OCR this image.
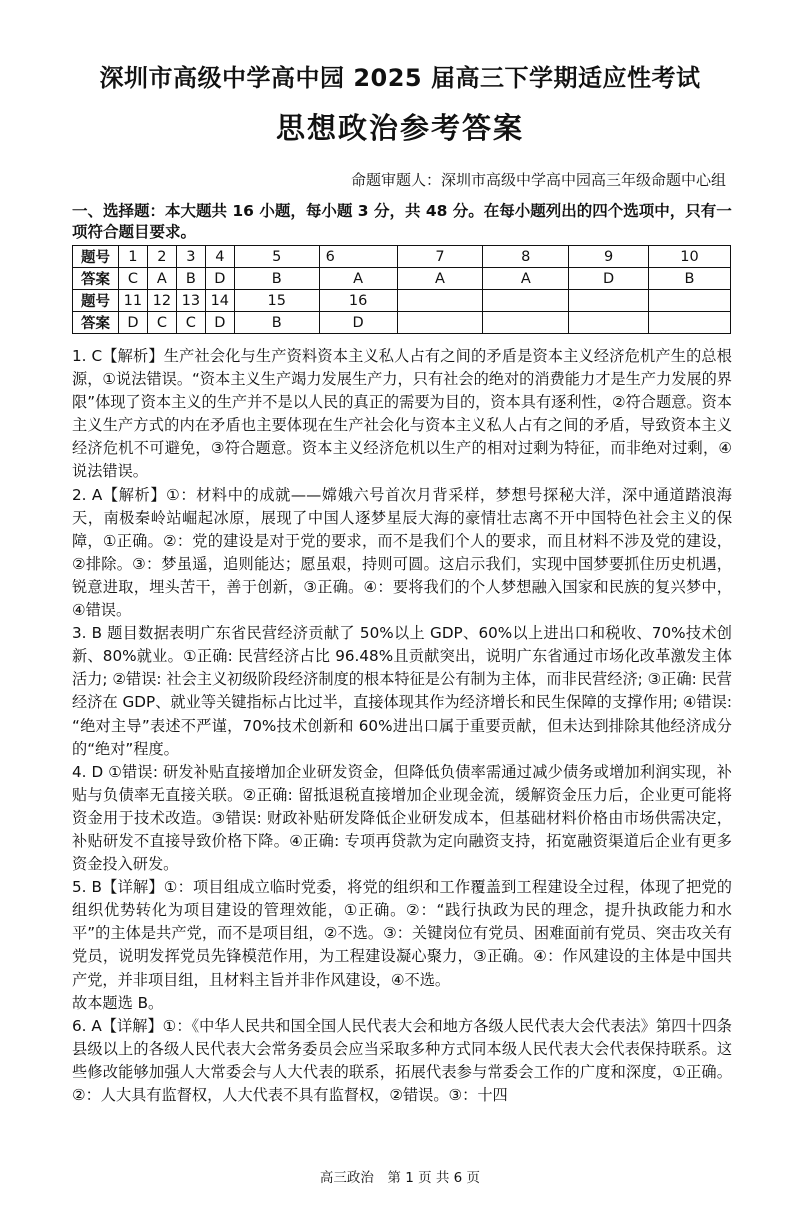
深圳市高级中学高中园 2025 届高三下学期适应性考试
思想政治参考答案
命题审题人：深圳市高级中学高中园高三年级命题中心组
一、选择题：本大题共 16 小题，每小题 3 分，共 48 分。在每小题列出的四个选项中，只有一项符合题目要求。
题号	1	2	3	4	5	6	7	8	9	10
答案	C	A	B	D	B	A	A	A	D	B
题号	11	12	13	14	15	16				
答案	D	C	C	D	B	D				

1. C【解析】生产社会化与生产资料资本主义私人占有之间的矛盾是资本主义经济危机产生的总根源，①说法错误。“资本主义生产竭力发展生产力，只有社会的绝对的消费能力才是生产力发展的界限”体现了资本主义的生产并不是以人民的真正的需要为目的，资本具有逐利性，②符合题意。资本主义生产方式的内在矛盾也主要体现在生产社会化与资本主义私人占有之间的矛盾，导致资本主义经济危机不可避免，③符合题意。资本主义经济危机以生产的相对过剩为特征，而非绝对过剩，④说法错误。

2. A【解析】①：材料中的成就——嫦娥六号首次月背采样，梦想号探秘大洋，深中通道踏浪海天，南极秦岭站崛起冰原，展现了中国人逐梦星辰大海的豪情壮志离不开中国特色社会主义的保障，①正确。②：党的建设是对于党的要求，而不是我们个人的要求，而且材料不涉及党的建设，②排除。③：梦虽遥，追则能达；愿虽艰，持则可圆。这启示我们，实现中国梦要抓住历史机遇，锐意进取，埋头苦干，善于创新，③正确。④：要将我们的个人梦想融入国家和民族的复兴梦中，④错误。

3. B 题目数据表明广东省民营经济贡献了 50%以上 GDP、60%以上进出口和税收、70%技术创新、80%就业。①正确: 民营经济占比 96.48%且贡献突出，说明广东省通过市场化改革激发主体活力; ②错误: 社会主义初级阶段经济制度的根本特征是公有制为主体，而非民营经济; ③正确: 民营经济在 GDP、就业等关键指标占比过半，直接体现其作为经济增长和民生保障的支撑作用; ④错误: “绝对主导”表述不严谨，70%技术创新和 60%进出口属于重要贡献，但未达到排除其他经济成分的“绝对”程度。

4. D ①错误: 研发补贴直接增加企业研发资金，但降低负债率需通过减少债务或增加利润实现，补贴与负债率无直接关联。②正确: 留抵退税直接增加企业现金流，缓解资金压力后，企业更可能将资金用于技术改造。③错误: 财政补贴研发降低企业研发成本，但基础材料价格由市场供需决定，补贴研发不直接导致价格下降。④正确: 专项再贷款为定向融资支持，拓宽融资渠道后企业有更多资金投入研发。

5. B【详解】①：项目组成立临时党委，将党的组织和工作覆盖到工程建设全过程，体现了把党的组织优势转化为项目建设的管理效能，①正确。②：“践行执政为民的理念，提升执政能力和水平”的主体是共产党，而不是项目组，②不选。③：关键岗位有党员、困难面前有党员、突击攻关有党员，说明发挥党员先锋模范作用，为工程建设凝心聚力，③正确。④：作风建设的主体是中国共产党，并非项目组，且材料主旨并非作风建设，④不选。

故本题选 B。

6. A【详解】①：《中华人民共和国全国人民代表大会和地方各级人民代表大会代表法》第四十四条县级以上的各级人民代表大会常务委员会应当采取多种方式同本级人民代表大会代表保持联系。这些修改能够加强人大常委会与人大代表的联系，拓展代表参与常委会工作的广度和深度，①正确。②：人大具有监督权，人大代表不具有监督权，②错误。③：十四

高三政治　第 1 页 共 6 页
